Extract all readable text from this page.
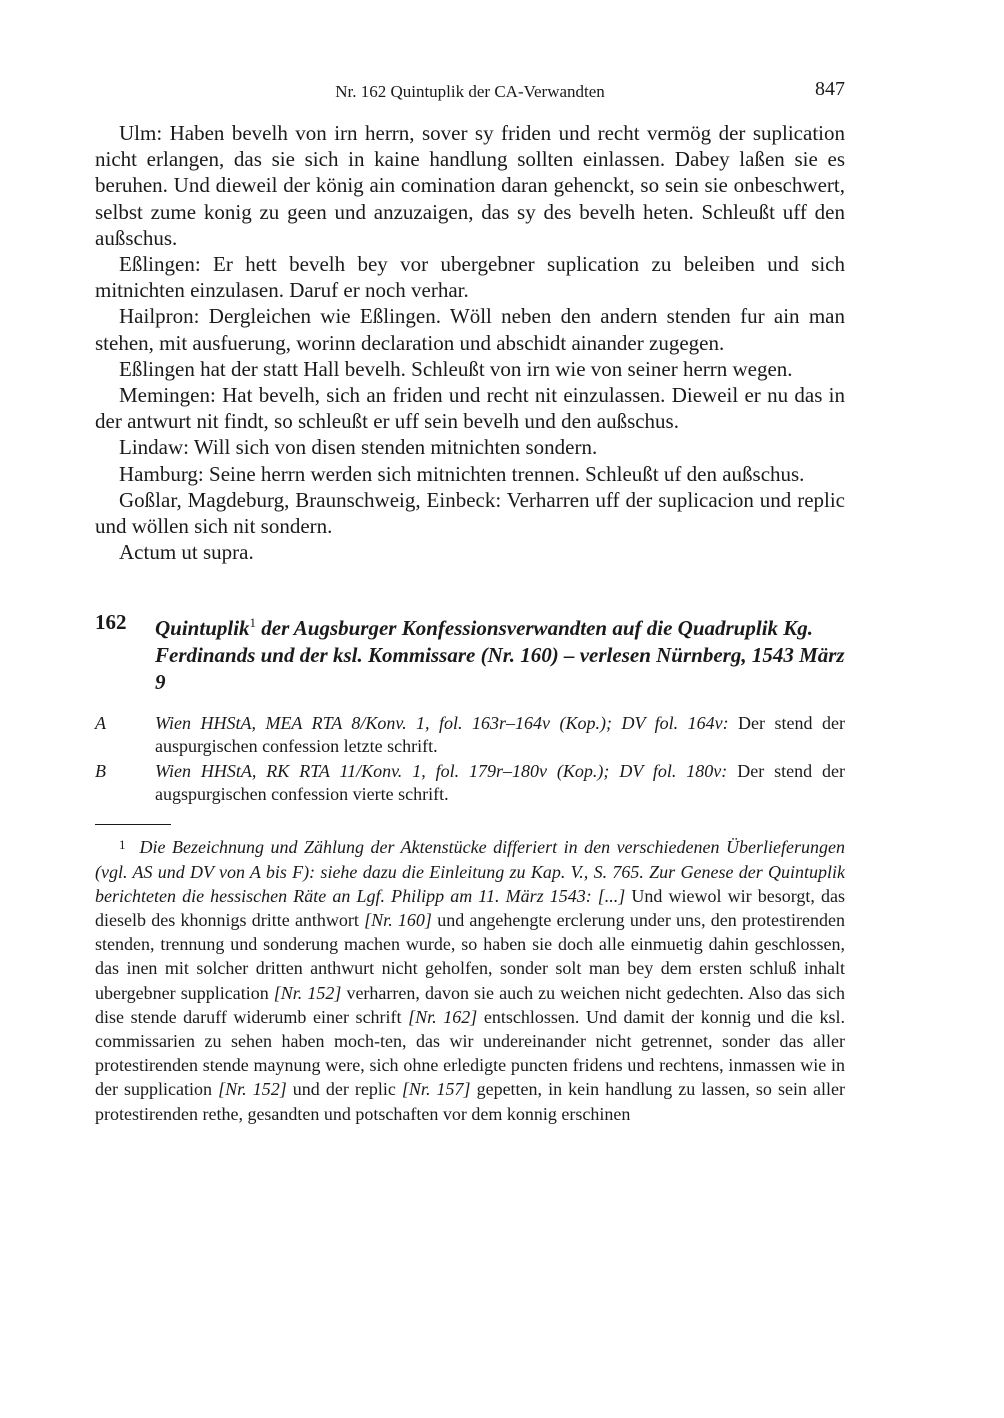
Nr. 162 Quintuplik der CA-Verwandten	847

Ulm: Haben bevelh von irn herrn, sover sy friden und recht vermög der suplication nicht erlangen, das sie sich in kaine handlung sollten einlassen. Dabey laßen sie es beruhen. Und dieweil der könig ain comination daran gehenckt, so sein sie onbeschwert, selbst zume konig zu geen und anzuzaigen, das sy des bevelh heten. Schleußt uff den außschus.

Eßlingen: Er hett bevelh bey vor ubergebner suplication zu beleiben und sich mitnichten einzulasen. Daruf er noch verhar.

Hailpron: Dergleichen wie Eßlingen. Wöll neben den andern stenden fur ain man stehen, mit ausfuerung, worinn declaration und abschidt ainander zugegen.

Eßlingen hat der statt Hall bevelh. Schleußt von irn wie von seiner herrn wegen.

Memingen: Hat bevelh, sich an friden und recht nit einzulassen. Dieweil er nu das in der antwurt nit findt, so schleußt er uff sein bevelh und den außschus.

Lindaw: Will sich von disen stenden mitnichten sondern.

Hamburg: Seine herrn werden sich mitnichten trennen. Schleußt uf den außschus.

Goßlar, Magdeburg, Braunschweig, Einbeck: Verharren uff der suplicacion und replic und wöllen sich nit sondern.

Actum ut supra.

162	Quintuplik$^1$ der Augsburger Konfessionsverwandten auf die Quadruplik Kg. Ferdinands und der ksl. Kommissare (Nr. 160) – verlesen Nürnberg, 1543 März 9
A	Wien HHStA, MEA RTA 8/Konv. 1, fol. 163r–164v (Kop.); DV fol. 164v: Der stend der auspurgischen confession letzte schrift.
B	Wien HHStA, RK RTA 11/Konv. 1, fol. 179r–180v (Kop.); DV fol. 180v: Der stend der augspurgischen confession vierte schrift.
$^1$ Die Bezeichnung und Zählung der Aktenstücke differiert in den verschiedenen Überlieferungen (vgl. AS und DV von A bis F): siehe dazu die Einleitung zu Kap. V., S. 765. Zur Genese der Quintuplik berichteten die hessischen Räte an Lgf. Philipp am 11. März 1543: [...] Und wiewol wir besorgt, das dieselb des khonnigs dritte anthwort [Nr. 160] und angehengte erclerung under uns, den protestirenden stenden, trennung und sonderung machen wurde, so haben sie doch alle einmuetig dahin geschlossen, das inen mit solcher dritten anthwurt nicht geholfen, sonder solt man bey dem ersten schluß inhalt ubergebner supplication [Nr. 152] verharren, davon sie auch zu weichen nicht gedechten. Also das sich dise stende daruff widerumb einer schrift [Nr. 162] entschlossen. Und damit der konnig und die ksl. commissarien zu sehen haben moch-ten, das wir undereinander nicht getrennet, sonder das aller protestirenden stende maynung were, sich ohne erledigte puncten fridens und rechtens, inmassen wie in der supplication [Nr. 152] und der replic [Nr. 157] gepetten, in kein handlung zu lassen, so sein aller protestirenden rethe, gesandten und potschaften vor dem konnig erschinen
